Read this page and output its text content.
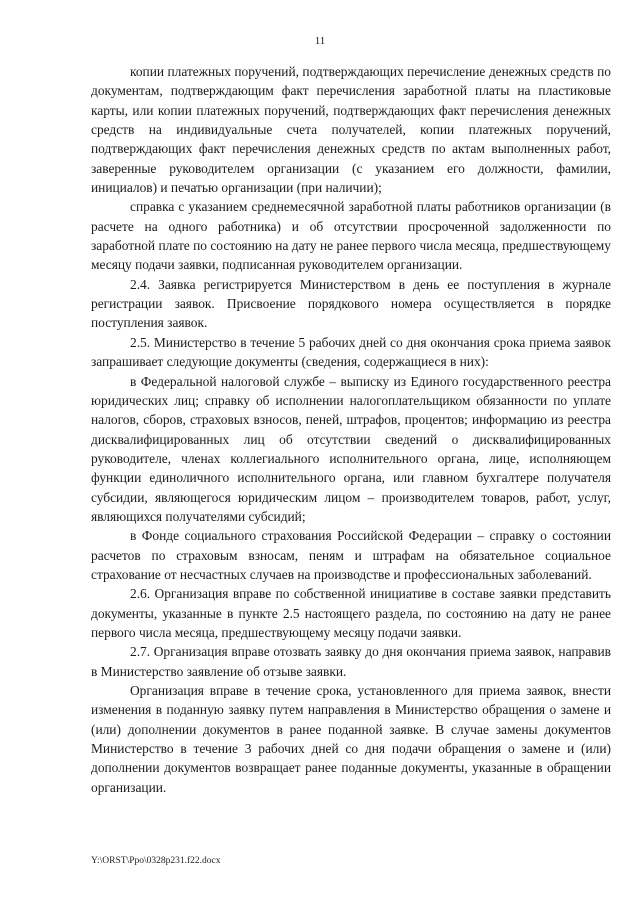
11

копии платежных поручений, подтверждающих перечисление денежных средств по документам, подтверждающим факт перечисления заработной платы на пластиковые карты, или копии платежных поручений, подтверждающих факт перечисления денежных средств на индивидуальные счета получателей, копии платежных поручений, подтверждающих факт перечисления денежных средств по актам выполненных работ, заверенные руководителем организации (с указанием его должности, фамилии, инициалов) и печатью организации (при наличии);

справка с указанием среднемесячной заработной платы работников организации (в расчете на одного работника) и об отсутствии просроченной задолженности по заработной плате по состоянию на дату не ранее первого числа месяца, предшествующему месяцу подачи заявки, подписанная руководителем организации.

2.4. Заявка регистрируется Министерством в день ее поступления в журнале регистрации заявок. Присвоение порядкового номера осуществляется в порядке поступления заявок.

2.5. Министерство в течение 5 рабочих дней со дня окончания срока приема заявок запрашивает следующие документы (сведения, содержащиеся в них):

в Федеральной налоговой службе – выписку из Единого государственного реестра юридических лиц; справку об исполнении налогоплательщиком обязанности по уплате налогов, сборов, страховых взносов, пеней, штрафов, процентов; информацию из реестра дисквалифицированных лиц об отсутствии сведений о дисквалифицированных руководителе, членах коллегиального исполнительного органа, лице, исполняющем функции единоличного исполнительного органа, или главном бухгалтере получателя субсидии, являющегося юридическим лицом – производителем товаров, работ, услуг, являющихся получателями субсидий;

в Фонде социального страхования Российской Федерации – справку о состоянии расчетов по страховым взносам, пеням и штрафам на обязательное социальное страхование от несчастных случаев на производстве и профессиональных заболеваний.

2.6. Организация вправе по собственной инициативе в составе заявки представить документы, указанные в пункте 2.5 настоящего раздела, по состоянию на дату не ранее первого числа месяца, предшествующему месяцу подачи заявки.

2.7. Организация вправе отозвать заявку до дня окончания приема заявок, направив в Министерство заявление об отзыве заявки.

Организация вправе в течение срока, установленного для приема заявок, внести изменения в поданную заявку путем направления в Министерство обращения о замене и (или) дополнении документов в ранее поданной заявке. В случае замены документов Министерство в течение 3 рабочих дней со дня подачи обращения о замене и (или) дополнении документов возвращает ранее поданные документы, указанные в обращении организации.

Y:\ORST\Ppo\0328p231.f22.docx
